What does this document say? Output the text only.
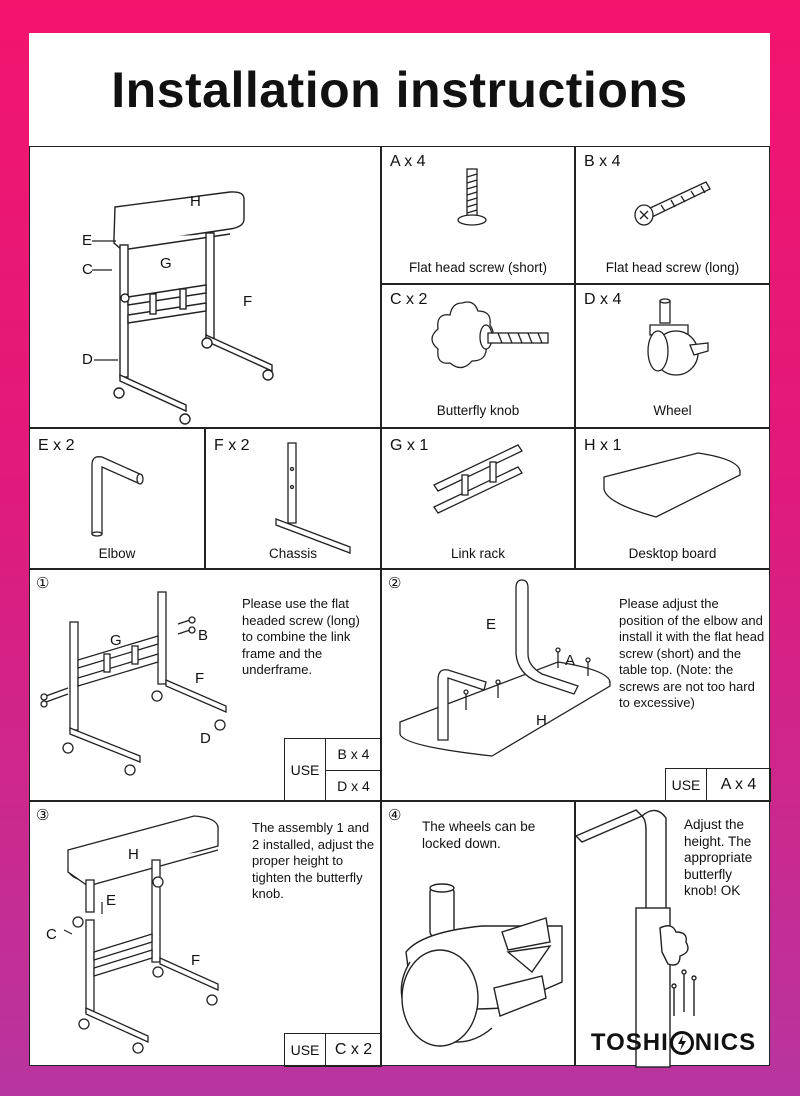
Installation instructions
H
E
C	G
F
D
A x 4
Flat head screw (short)
B x 4
Flat head screw (long)
C x 2
Butterfly knob
D x 4
Wheel
E x 2
Elbow
F x 2
Chassis
G x 1
Link rack
H x 1
Desktop board
①
G	B
F
D
Please use the flat headed screw (long) to combine the link frame and the underframe.
USE
B x 4
D x 4
②
E
A
H
Please adjust the position of the elbow and install it with the flat head screw (short) and the table top. (Note: the screws are not too hard to excessive)
USE	A x 4
③
H
E
C
F
The assembly 1 and 2 installed, adjust the proper height to tighten the butterfly knob.
USE C x 2
④
The wheels can be locked down.
Adjust the height. The appropriate butterfly knob! OK
TOSHI NICS
